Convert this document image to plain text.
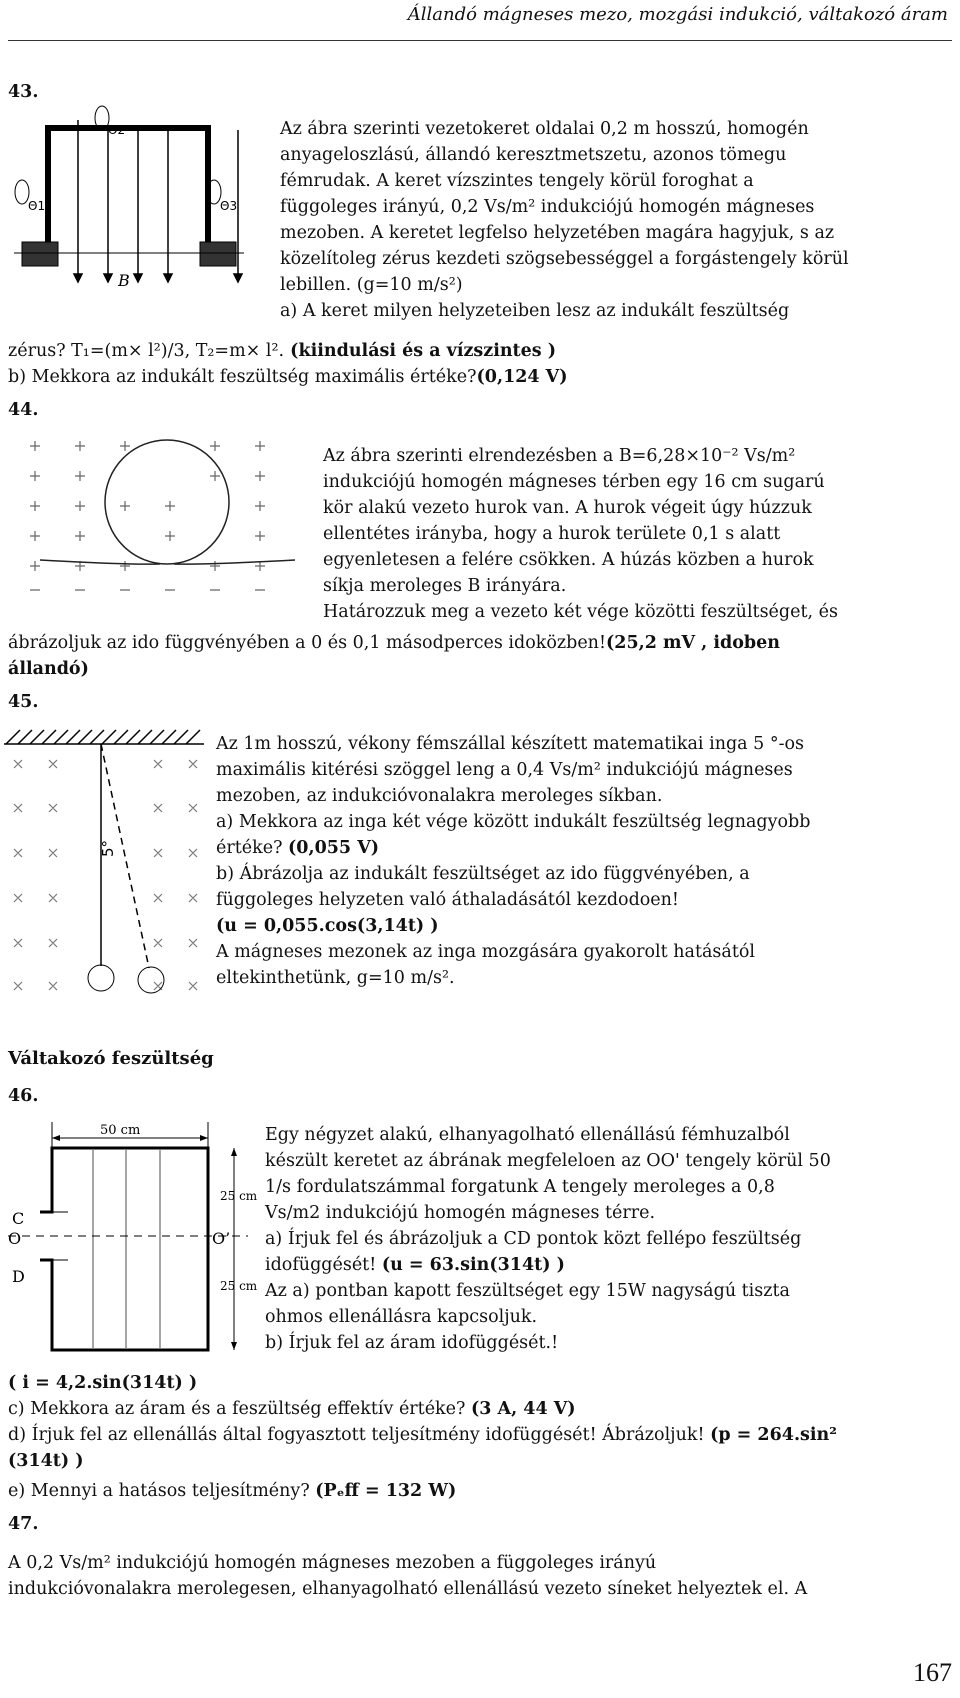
Állandó mágneses mezo, mozgási indukció, váltakozó áram
43.
Θ1
Θ2
Θ3
B
Az ábra szerinti vezetokeret oldalai 0,2 m hosszú, homogén
anyageloszlású, állandó keresztmetszetu, azonos tömegu
fémrudak. A keret vízszintes tengely körül foroghat a
függoleges irányú, 0,2 Vs/m² indukciójú homogén mágneses
mezoben. A keretet legfelso helyzetében magára hagyjuk, s az
közelítoleg zérus kezdeti szögsebességgel a forgástengely körül
lebillen. (g=10 m/s²)
a) A keret milyen helyzeteiben lesz az indukált feszültség
zérus? T₁=(m× l²)/3, T₂=m× l². (kiindulási és a vízszintes )
b) Mekkora az indukált feszültség maximális értéke?(0,124 V)
44.
Az ábra szerinti elrendezésben a B=6,28×10⁻² Vs/m²
indukciójú homogén mágneses térben egy 16 cm sugarú
kör alakú vezeto hurok van. A hurok végeit úgy húzzuk
ellentétes irányba, hogy a hurok területe 0,1 s alatt
egyenletesen a felére csökken. A húzás közben a hurok
síkja meroleges B irányára.
Határozzuk meg a vezeto két vége közötti feszültséget, és
ábrázoljuk az ido függvényében a 0 és 0,1 másodperces idoközben!(25,2 mV , idoben
állandó)
45.
5°
Az 1m hosszú, vékony fémszállal készített matematikai inga 5 °-os
maximális kitérési szöggel leng a 0,4 Vs/m² indukciójú mágneses
mezoben, az indukcióvonalakra meroleges síkban.
a) Mekkora az inga két vége között indukált feszültség legnagyobb
értéke? (0,055 V)
b) Ábrázolja az indukált feszültséget az ido függvényében, a
függoleges helyzeten való áthaladásától kezdodoen!
(u = 0,055.cos(3,14t) )
A mágneses mezonek az inga mozgására gyakorolt hatásától
eltekinthetünk, g=10 m/s².
Váltakozó feszültség
46.
50 cm
25 cm
25 cm
C
O
D
O’
Egy négyzet alakú, elhanyagolható ellenállású fémhuzalból
készült keretet az ábrának megfeleloen az OO' tengely körül 50
1/s fordulatszámmal forgatunk A tengely meroleges a 0,8
Vs/m2 indukciójú homogén mágneses térre.
a) Írjuk fel és ábrázoljuk a CD pontok közt fellépo feszültség
idofüggését! (u = 63.sin(314t) )
Az a) pontban kapott feszültséget egy 15W nagyságú tiszta
ohmos ellenállásra kapcsoljuk.
b) Írjuk fel az áram idofüggését.!
( i = 4,2.sin(314t) )
c) Mekkora az áram és a feszültség effektív értéke? (3 A, 44 V)
d) Írjuk fel az ellenállás által fogyasztott teljesítmény idofüggését! Ábrázoljuk! (p = 264.sin²
(314t) )
e) Mennyi a hatásos teljesítmény? (Pₑff = 132 W)
47.
A 0,2 Vs/m² indukciójú homogén mágneses mezoben a függoleges irányú
indukcióvonalakra merolegesen, elhanyagolható ellenállású vezeto síneket helyeztek el. A
167
